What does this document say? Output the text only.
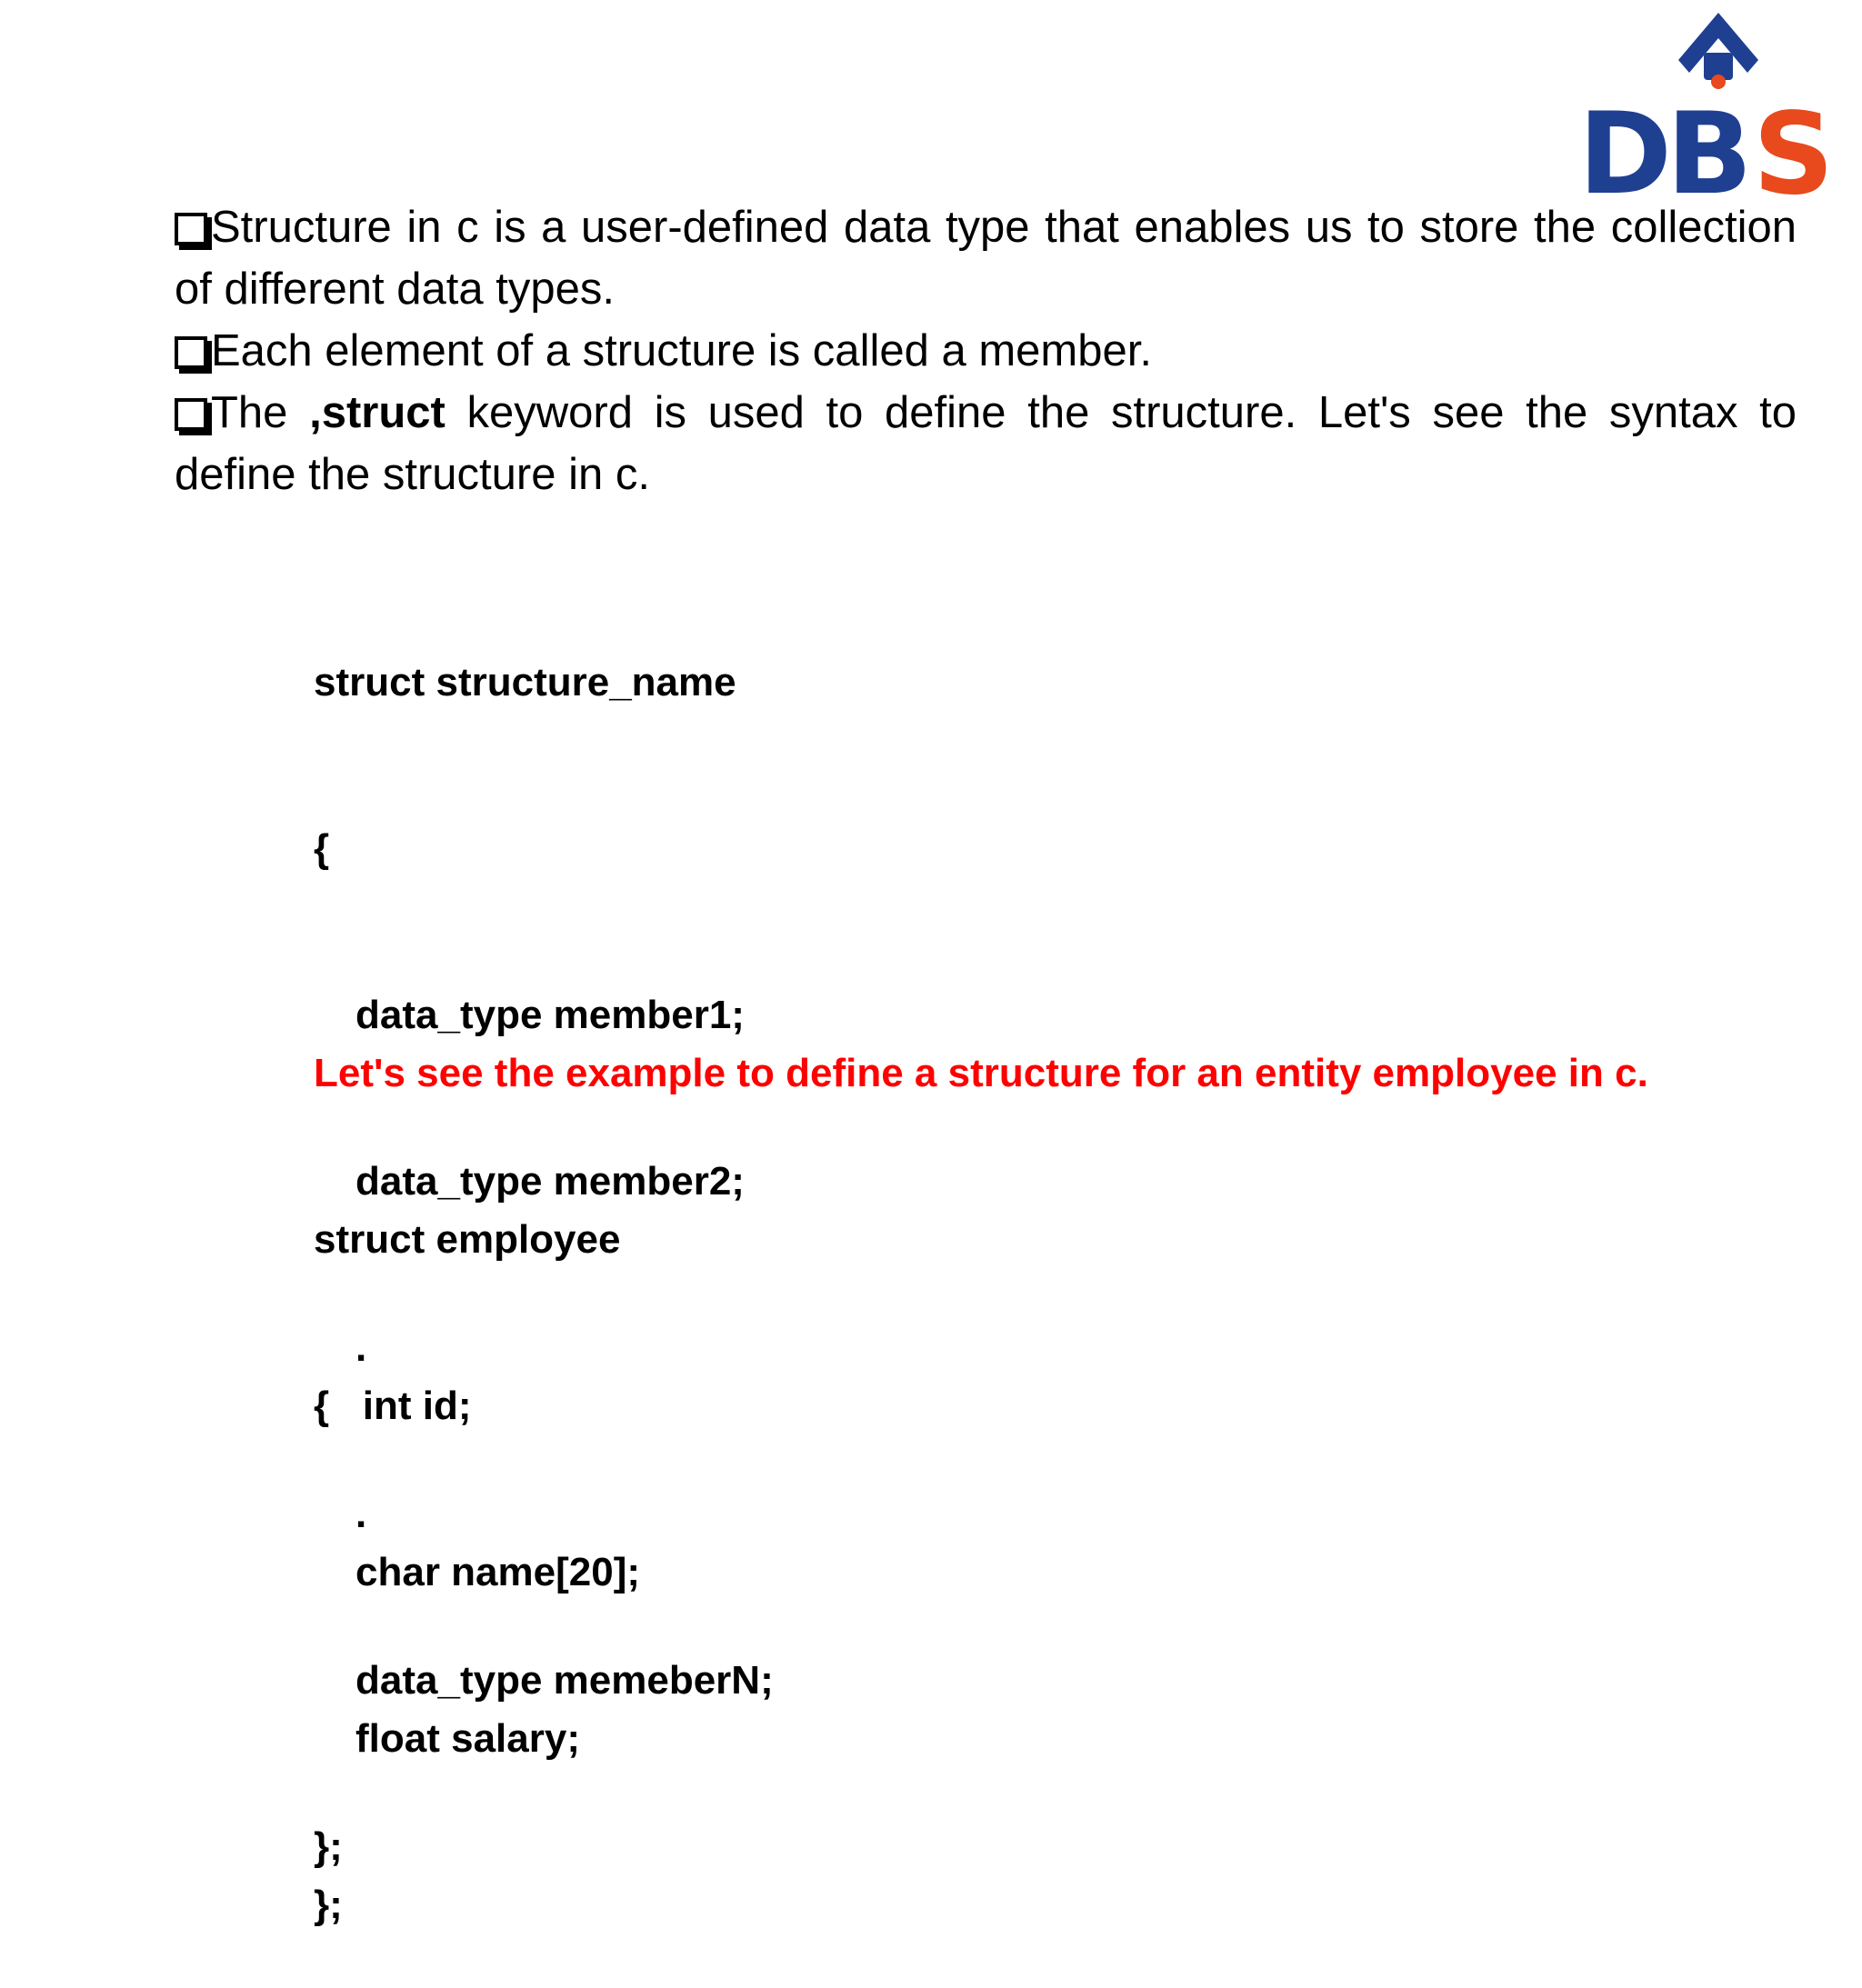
DB S

Structure in c is a user-defined data type that enables us to store the collection of different data types.

Each element of a structure is called a member.

The ,struct keyword is used to define the structure. Let's see the syntax to define the structure in c.

struct structure_name

{

data_type member1;

data_type member2;

.

.

data_type memeberN;

};

Let's see the example to define a structure for an entity employee in c.

struct employee

{   int id;

char name[20];

float salary;

};
